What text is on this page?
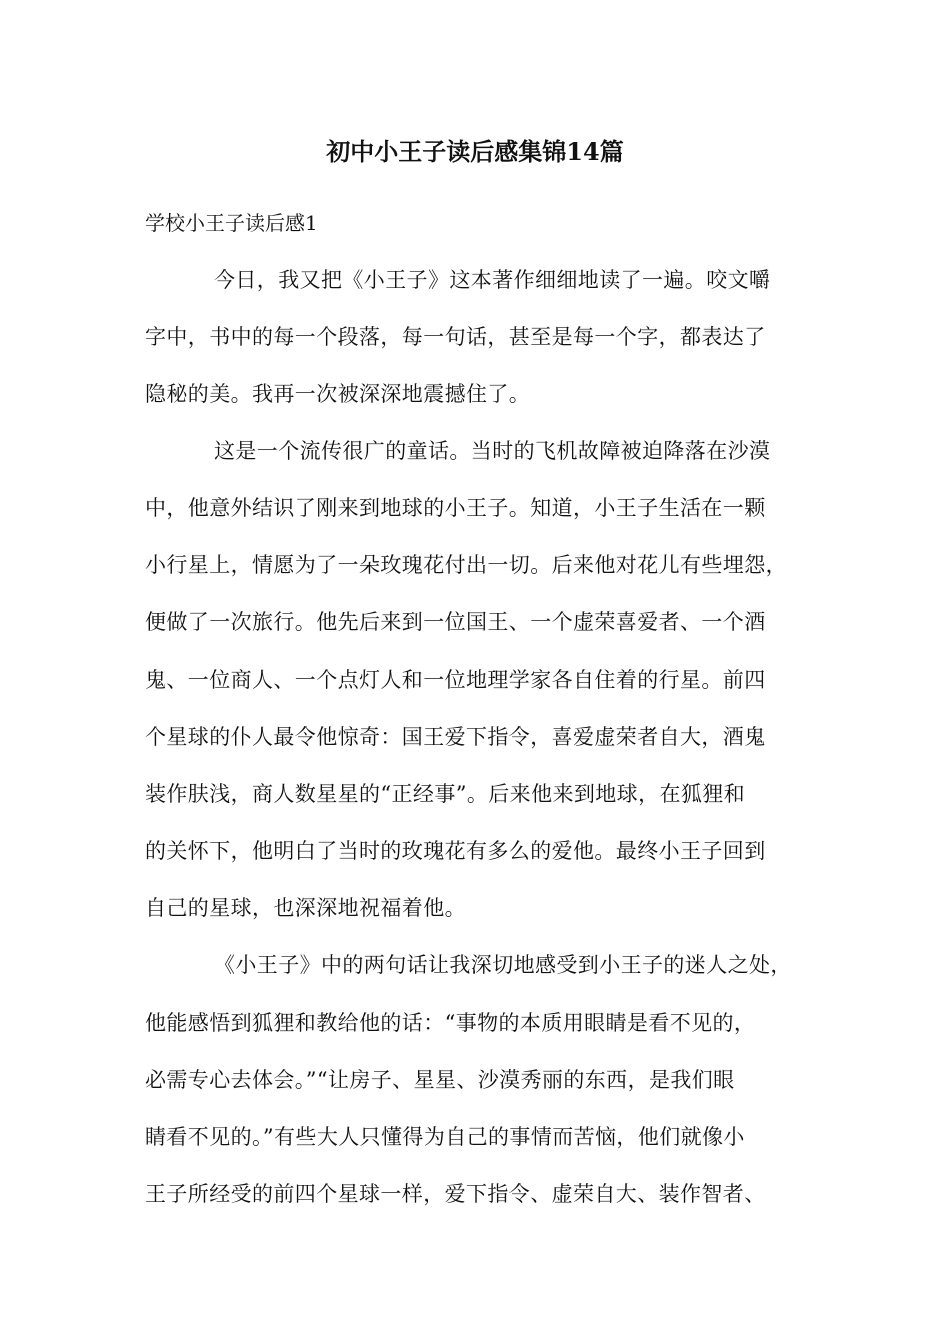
初中小王子读后感集锦14篇
学校小王子读后感1
今日，我又把《小王子》这本著作细细地读了一遍。咬文嚼
字中，书中的每一个段落，每一句话，甚至是每一个字，都表达了
隐秘的美。我再一次被深深地震撼住了。
这是一个流传很广的童话。当时的飞机故障被迫降落在沙漠
中，他意外结识了刚来到地球的小王子。知道，小王子生活在一颗
小行星上，情愿为了一朵玫瑰花付出一切。后来他对花儿有些埋怨，
便做了一次旅行。他先后来到一位国王、一个虚荣喜爱者、一个酒
鬼、一位商人、一个点灯人和一位地理学家各自住着的行星。前四
个星球的仆人最令他惊奇：国王爱下指令，喜爱虚荣者自大，酒鬼
装作肤浅，商人数星星的“正经事”。后来他来到地球，在狐狸和
的关怀下，他明白了当时的玫瑰花有多么的爱他。最终小王子回到
自己的星球，也深深地祝福着他。
《小王子》中的两句话让我深切地感受到小王子的迷人之处，
他能感悟到狐狸和教给他的话：“事物的本质用眼睛是看不见的，
必需专心去体会。”“让房子、星星、沙漠秀丽的东西，是我们眼
睛看不见的。”有些大人只懂得为自己的事情而苦恼，他们就像小
王子所经受的前四个星球一样，爱下指令、虚荣自大、装作智者、
